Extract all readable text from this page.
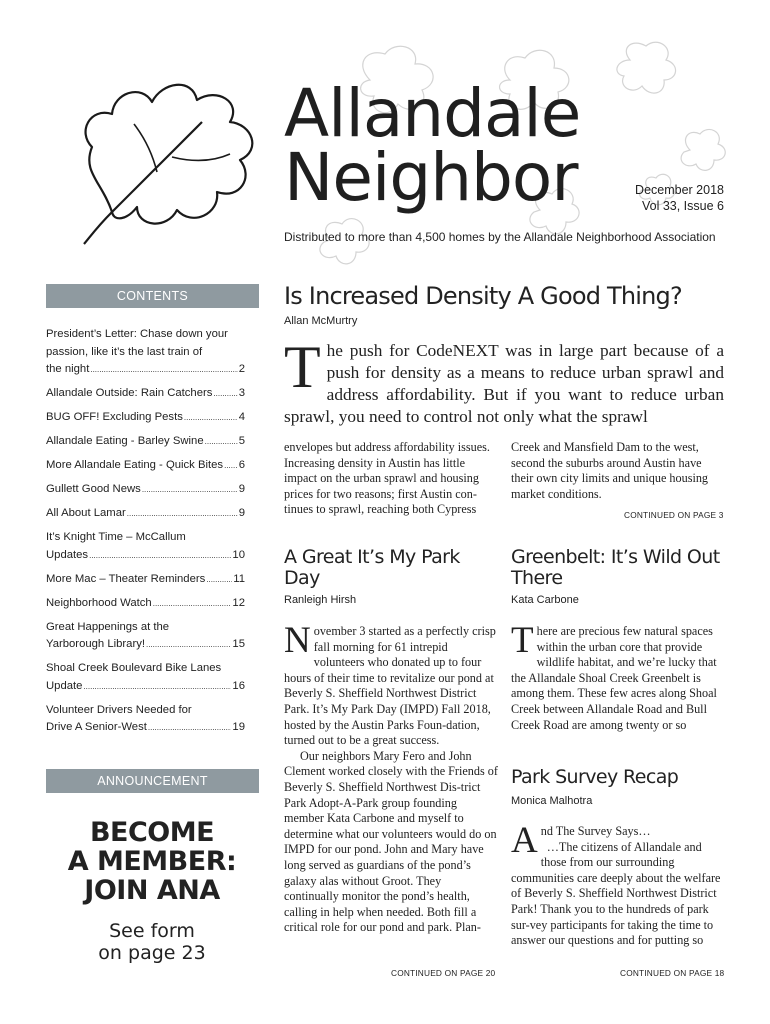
Allandale
Neighbor	December 2018
Vol 33, Issue 6
Distributed to more than 4,500 homes by the Allandale Neighborhood Association
CONTENTS
President’s Letter: Chase down your
passion, like it’s the last train of
the night .....	2
Allandale Outside: Rain Catchers ..... 3
BUG OFF! Excluding Pests .....	4
Allandale Eating - Barley Swine .....	5
More Allandale Eating - Quick Bites ..... 6
Gullett Good News .....	9
All About Lamar .....	9
It’s Knight Time – McCallum
Updates .....	10
More Mac – Theater Reminders ..... 11
Neighborhood Watch .....	12
Great Happenings at the
Yarborough Library! .....	15
Shoal Creek Boulevard Bike Lanes
Update .....	16
Volunteer Drivers Needed for
Drive A Senior-West .....	19
ANNOUNCEMENT
BECOME
A MEMBER:
JOIN ANA
See form
on page 23
Is Increased Density A Good Thing?
Allan McMurtry
The push for CodeNEXT was in large part because of a push for density as a means to reduce urban sprawl and address affordability. But if you want to reduce urban sprawl, you need to control not only what the sprawl
envelopes but address affordability issues. Increasing density in Austin has little impact on the urban sprawl and housing prices for two reasons; first Austin con-tinues to sprawl, reaching both Cypress
Creek and Mansfield Dam to the west, second the suburbs around Austin have their own city limits and unique housing market conditions.
CONTINUED ON PAGE 3
A Great It’s My Park Day
Ranleigh Hirsh
November 3 started as a perfectly crisp fall morning for 61 intrepid volunteers who donated up to four hours of their time to revitalize our pond at Beverly S. Sheffield Northwest District Park. It’s My Park Day (IMPD) Fall 2018, hosted by the Austin Parks Foun-dation, turned out to be a great success.
Our neighbors Mary Fero and John Clement worked closely with the Friends of Beverly S. Sheffield Northwest Dis-trict Park Adopt-A-Park group founding member Kata Carbone and myself to determine what our volunteers would do on IMPD for our pond. John and Mary have long served as guardians of the pond’s galaxy alas without Groot. They continually monitor the pond’s health, calling in help when needed. Both fill a critical role for our pond and park. Plan-
CONTINUED ON PAGE 20
Greenbelt: It’s Wild Out There
Kata Carbone
There are precious few natural spaces within the urban core that provide wildlife habitat, and we’re lucky that the Allandale Shoal Creek Greenbelt is among them. These few acres along Shoal Creek between Allandale Road and Bull Creek Road are among twenty or so
Park Survey Recap
Monica Malhotra
And The Survey Says…
…The citizens of Allandale and those from our surrounding communities care deeply about the welfare of Beverly S. Sheffield Northwest District Park! Thank you to the hundreds of park sur-vey participants for taking the time to answer our questions and for putting so
CONTINUED ON PAGE 18
